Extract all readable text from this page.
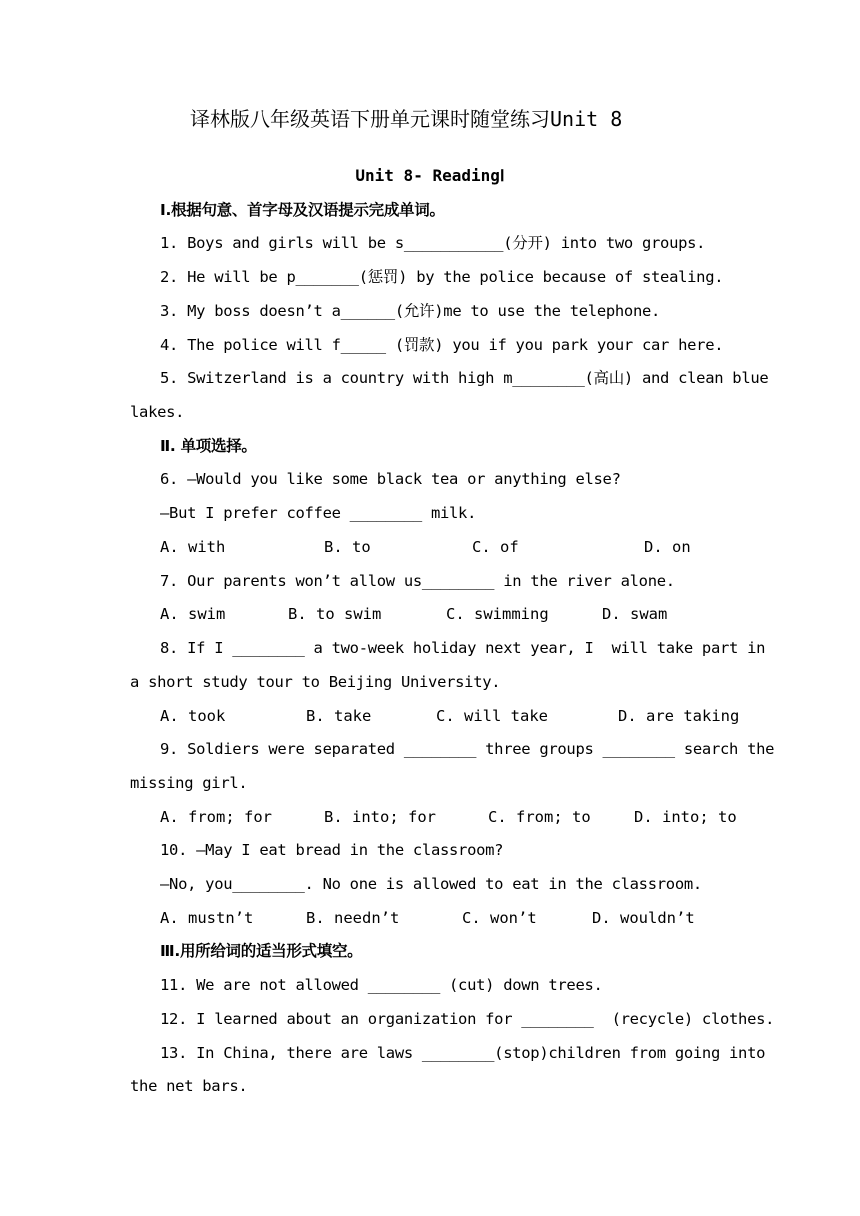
译林版八年级英语下册单元课时随堂练习Unit 8
Unit 8- ReadingⅠ
Ⅰ.根据句意、首字母及汉语提示完成单词。
1. Boys and girls will be s___________(分开) into two groups.
2. He will be p_______(惩罚) by the police because of stealing.
3. My boss doesn’t a______(允许)me to use the telephone.
4. The police will f_____ (罚款) you if you park your car here.
5. Switzerland is a country with high m________(高山) and clean blue
lakes.
Ⅱ. 单项选择。
6. —Would you like some black tea or anything else?
—But I prefer coffee ________ milk.
A. with	B. to	C. of	D. on
7. Our parents won’t allow us________ in the river alone.
A. swim	B. to swim	C. swimming	D. swam
8. If I ________ a two-week holiday next year, I  will take part in
a short study tour to Beijing University.
A. took	B. take	C. will take	D. are taking
9. Soldiers were separated ________ three groups ________ search the
missing girl.
A. from; for	B. into; for	C. from; to	D. into; to
10. —May I eat bread in the classroom?
—No, you________. No one is allowed to eat in the classroom.
A. mustn’t	B. needn’t	C. won’t	D. wouldn’t
Ⅲ.用所给词的适当形式填空。
11. We are not allowed ________ (cut) down trees.
12. I learned about an organization for ________  (recycle) clothes.
13. In China, there are laws ________(stop)children from going into
the net bars.
